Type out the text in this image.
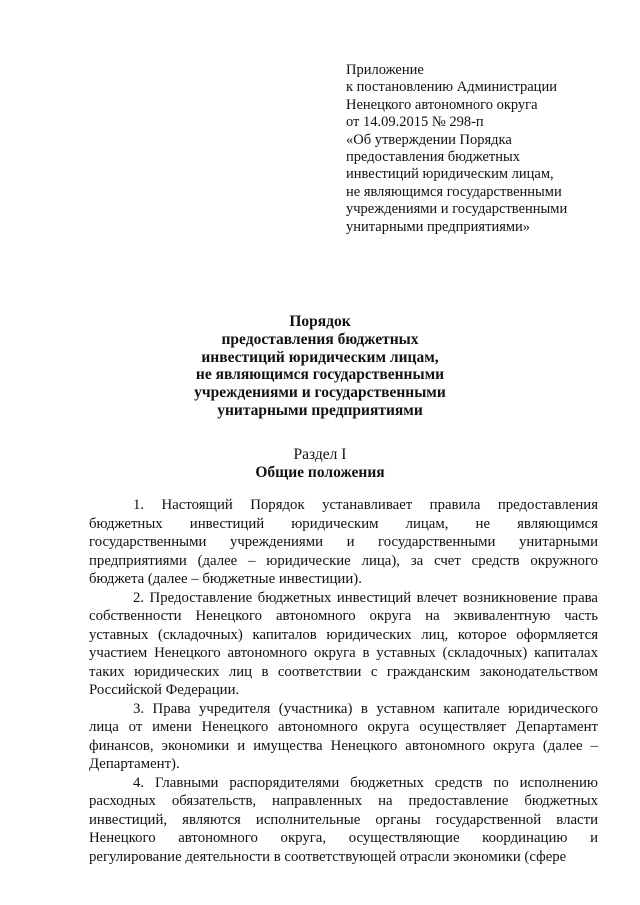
Приложение
к постановлению Администрации
Ненецкого автономного округа
от 14.09.2015 № 298-п
«Об утверждении Порядка
предоставления бюджетных
инвестиций юридическим лицам,
не являющимся государственными
учреждениями и государственными
унитарными предприятиями»
Порядок
предоставления бюджетных
инвестиций юридическим лицам,
не являющимся государственными
учреждениями и государственными
унитарными предприятиями
Раздел I
Общие положения

1. Настоящий Порядок устанавливает правила предоставления бюджетных инвестиций юридическим лицам, не являющимся государственными учреждениями и государственными унитарными предприятиями (далее – юридические лица), за счет средств окружного бюджета (далее – бюджетные инвестиции).

2. Предоставление бюджетных инвестиций влечет возникновение права собственности Ненецкого автономного округа на эквивалентную часть уставных (складочных) капиталов юридических лиц, которое оформляется участием Ненецкого автономного округа в уставных (складочных) капиталах таких юридических лиц в соответствии с гражданским законодательством Российской Федерации.

3. Права учредителя (участника) в уставном капитале юридического лица от имени Ненецкого автономного округа осуществляет Департамент финансов, экономики и имущества Ненецкого автономного округа (далее – Департамент).

4. Главными распорядителями бюджетных средств по исполнению расходных обязательств, направленных на предоставление бюджетных инвестиций, являются исполнительные органы государственной власти Ненецкого автономного округа, осуществляющие координацию и регулирование деятельности в соответствующей отрасли экономики (сфере
